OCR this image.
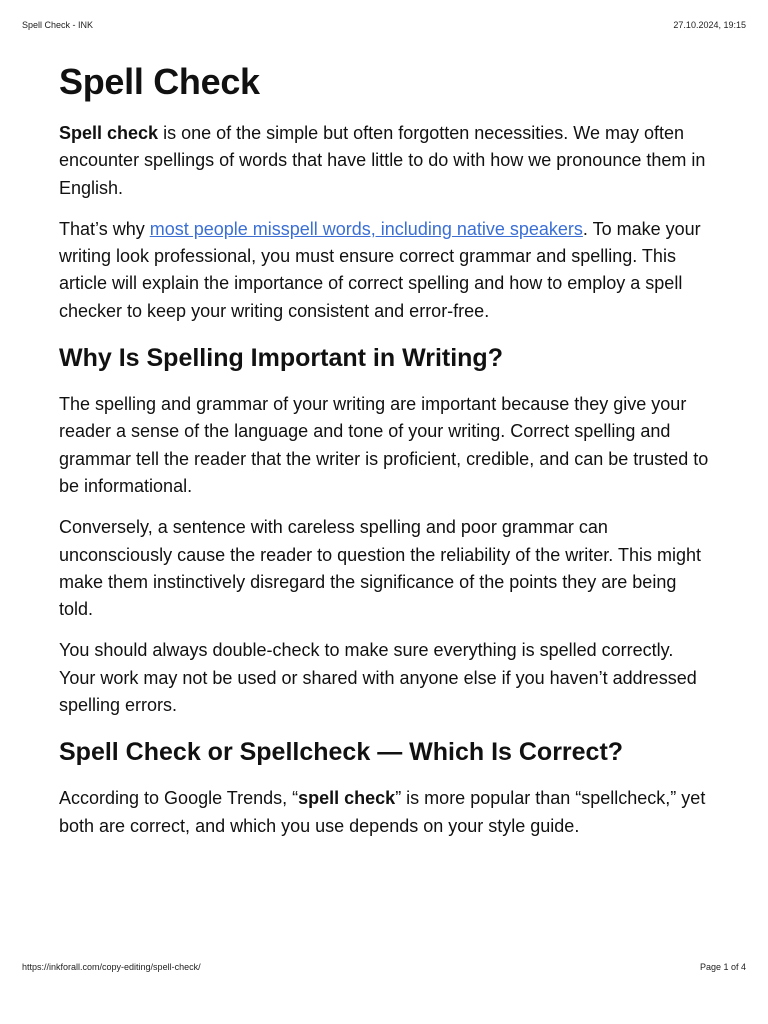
Spell Check - INK	27.10.2024, 19:15
Spell Check

Spell check is one of the simple but often forgotten necessities. We may often encounter spellings of words that have little to do with how we pronounce them in English.

That’s why most people misspell words, including native speakers. To make your writing look professional, you must ensure correct grammar and spelling. This article will explain the importance of correct spelling and how to employ a spell checker to keep your writing consistent and error-free.

Why Is Spelling Important in Writing?

The spelling and grammar of your writing are important because they give your reader a sense of the language and tone of your writing. Correct spelling and grammar tell the reader that the writer is proficient, credible, and can be trusted to be informational.

Conversely, a sentence with careless spelling and poor grammar can unconsciously cause the reader to question the reliability of the writer. This might make them instinctively disregard the significance of the points they are being told.

You should always double-check to make sure everything is spelled correctly. Your work may not be used or shared with anyone else if you haven’t addressed spelling errors.

Spell Check or Spellcheck — Which Is Correct?

According to Google Trends, “spell check” is more popular than “spellcheck,” yet both are correct, and which you use depends on your style guide.

https://inkforall.com/copy-editing/spell-check/	Page 1 of 4
